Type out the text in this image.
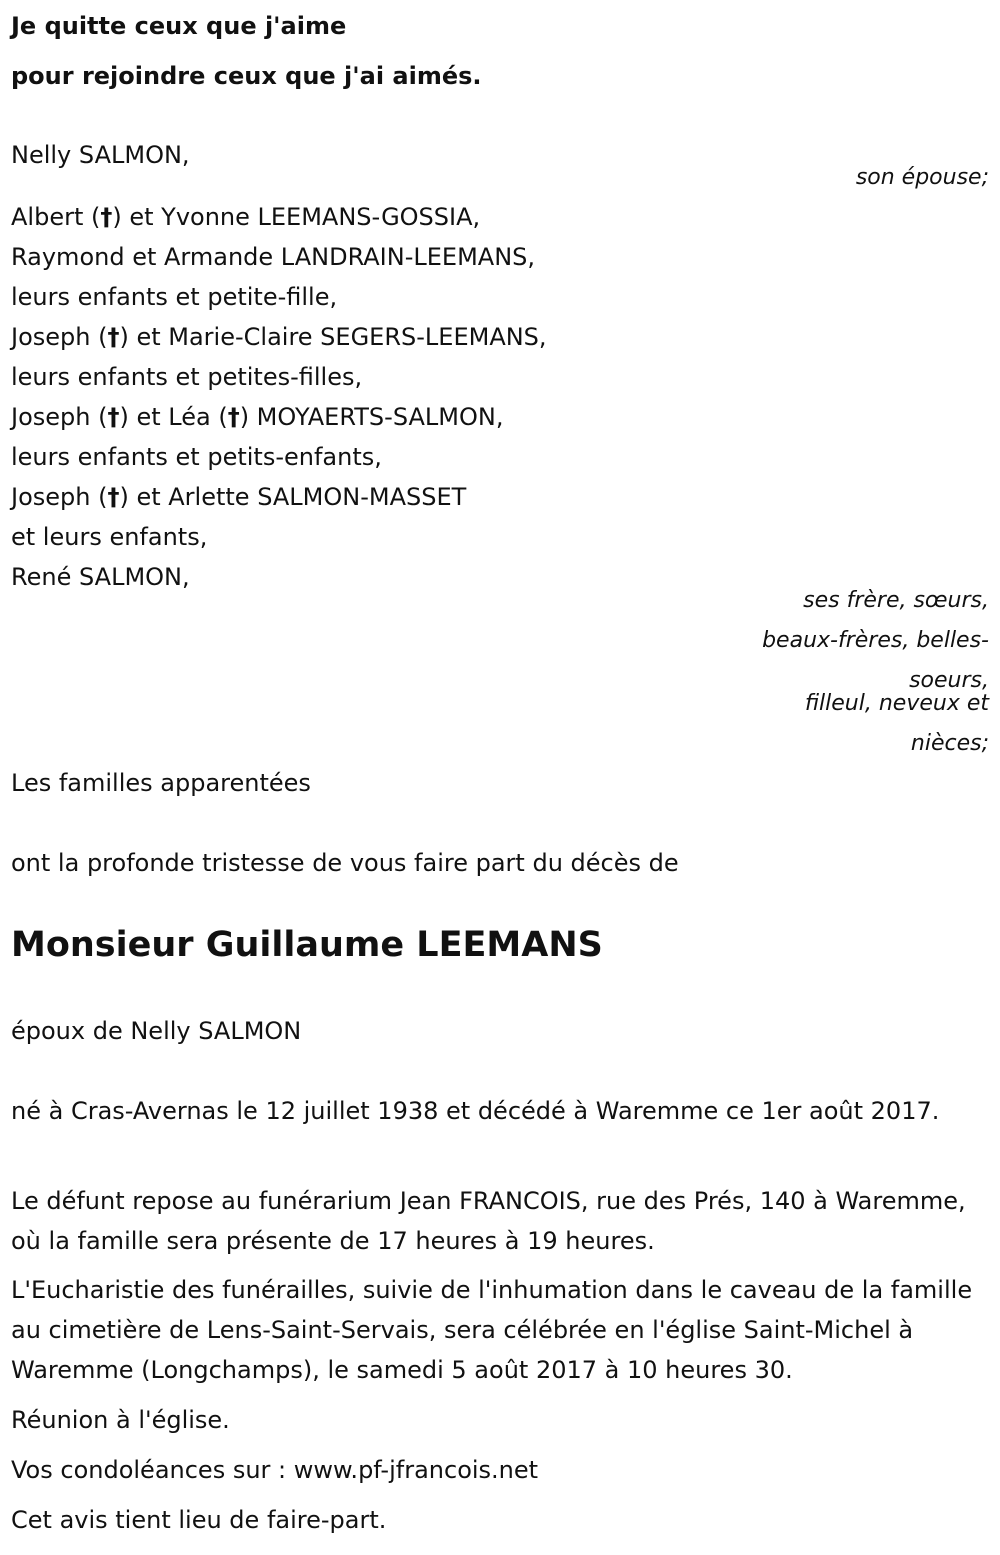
Je quitte ceux que j'aime
pour rejoindre ceux que j'ai aimés.
Nelly SALMON,
son épouse;
Albert (†) et Yvonne LEEMANS-GOSSIA,
Raymond et Armande LANDRAIN-LEEMANS,
leurs enfants et petite-fille,
Joseph (†) et Marie-Claire SEGERS-LEEMANS,
leurs enfants et petites-filles,
Joseph (†) et Léa (†) MOYAERTS-SALMON,
leurs enfants et petits-enfants,
Joseph (†) et Arlette SALMON-MASSET
et leurs enfants,
René SALMON,
ses frère, sœurs,
beaux-frères, belles-
soeurs,
filleul, neveux et
nièces;
Les familles apparentées
ont la profonde tristesse de vous faire part du décès de
Monsieur Guillaume LEEMANS
époux de Nelly SALMON
né à Cras-Avernas le 12 juillet 1938 et décédé à Waremme ce 1er août 2017.
Le défunt repose au funérarium Jean FRANCOIS, rue des Prés, 140 à Waremme, où la famille sera présente de 17 heures à 19 heures.
L'Eucharistie des funérailles, suivie de l'inhumation dans le caveau de la famille au cimetière de Lens-Saint-Servais, sera célébrée en l'église Saint-Michel à Waremme (Longchamps), le samedi 5 août 2017 à 10 heures 30.
Réunion à l'église.
Vos condoléances sur : www.pf-jfrancois.net
Cet avis tient lieu de faire-part.
